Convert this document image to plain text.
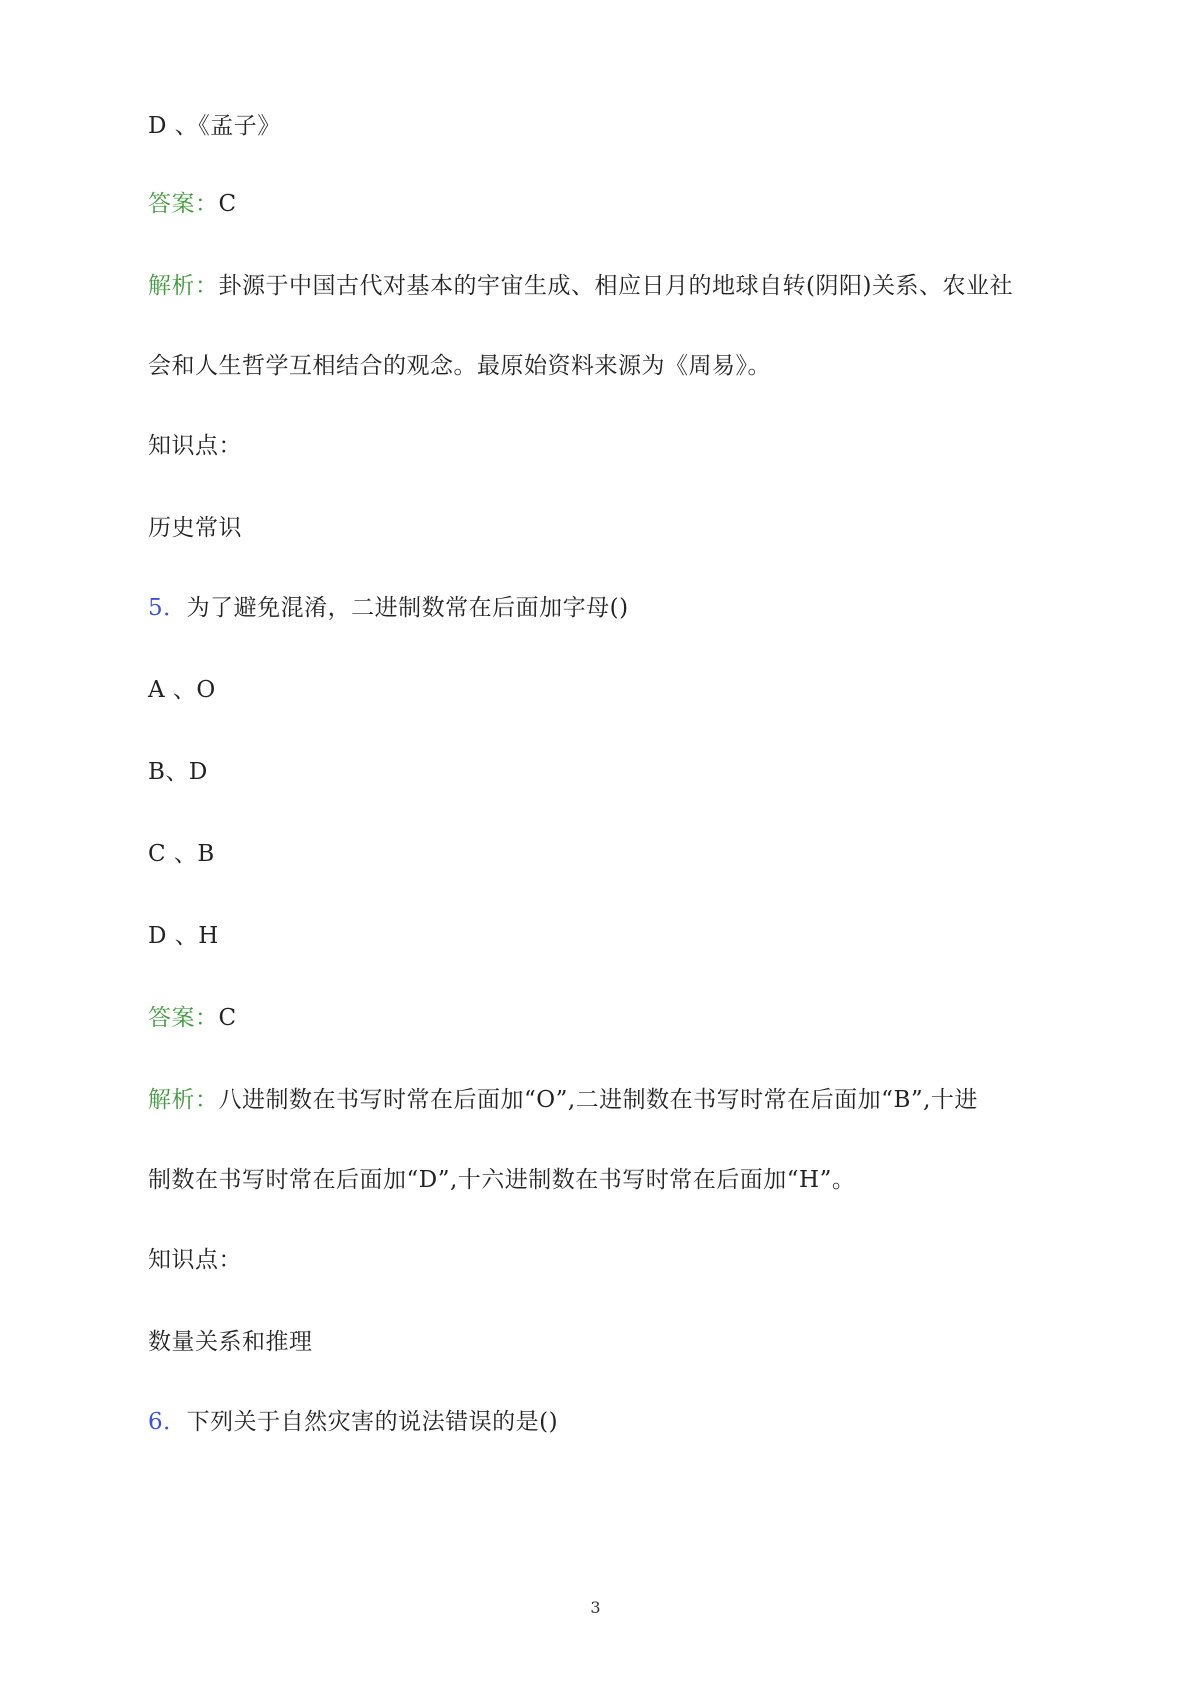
D 、《孟子》
答案：C
解析：卦源于中国古代对基本的宇宙生成、相应日月的地球自转(阴阳)关系、农业社
会和人生哲学互相结合的观念。最原始资料来源为《周易》。
知识点：
历史常识
5．为了避免混淆，二进制数常在后面加字母()
A 、O
B、D
C 、B
D 、H
答案：C
解析：八进制数在书写时常在后面加“O”,二进制数在书写时常在后面加“B”,十进
制数在书写时常在后面加“D”,十六进制数在书写时常在后面加“H”。
知识点：
数量关系和推理
6．下列关于自然灾害的说法错误的是()
3
